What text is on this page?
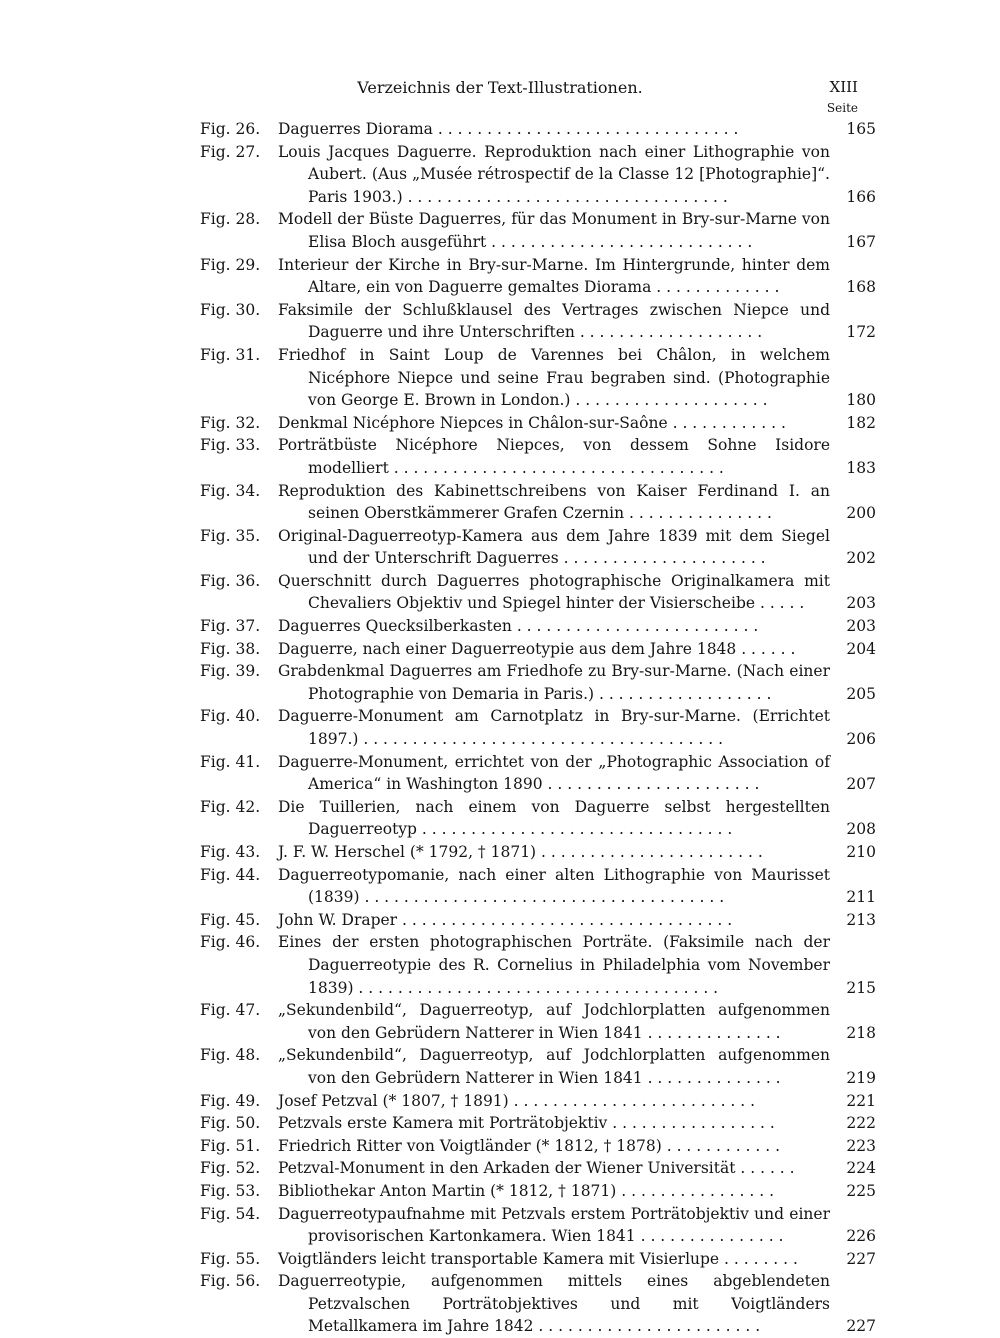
Verzeichnis der Text-Illustrationen.	XIII
Seite
Fig. 26.	Daguerres Diorama . . . . . . . . . . . . . . . . . . . . . . . . . . . . . . .	165
Fig. 27.	Louis Jacques Daguerre. Reproduktion nach einer Lithographie von Aubert. (Aus „Musée rétrospectif de la Classe 12 [Photographie]“. Paris 1903.) . . . . . . . . . . . . . . . . . . . . . . . . . . . . . . . . .	166
Fig. 28.	Modell der Büste Daguerres, für das Monument in Bry-sur-Marne von Elisa Bloch ausgeführt . . . . . . . . . . . . . . . . . . . . . . . . . . .	167
Fig. 29.	Interieur der Kirche in Bry-sur-Marne. Im Hintergrunde, hinter dem Altare, ein von Daguerre gemaltes Diorama . . . . . . . . . . . . .	168
Fig. 30.	Faksimile der Schlußklausel des Vertrages zwischen Niepce und Daguerre und ihre Unterschriften . . . . . . . . . . . . . . . . . . .	172
Fig. 31.	Friedhof in Saint Loup de Varennes bei Châlon, in welchem Nicéphore Niepce und seine Frau begraben sind. (Photographie von George E. Brown in London.) . . . . . . . . . . . . . . . . . . . .	180
Fig. 32.	Denkmal Nicéphore Niepces in Châlon-sur-Saône . . . . . . . . . . . .	182
Fig. 33.	Porträtbüste Nicéphore Niepces, von dessem Sohne Isidore modelliert . . . . . . . . . . . . . . . . . . . . . . . . . . . . . . . . . .	183
Fig. 34.	Reproduktion des Kabinettschreibens von Kaiser Ferdinand I. an seinen Oberstkämmerer Grafen Czernin . . . . . . . . . . . . . . .	200
Fig. 35.	Original-Daguerreotyp-Kamera aus dem Jahre 1839 mit dem Siegel und der Unterschrift Daguerres . . . . . . . . . . . . . . . . . . . . .	202
Fig. 36.	Querschnitt durch Daguerres photographische Originalkamera mit Chevaliers Objektiv und Spiegel hinter der Visierscheibe . . . . .	203
Fig. 37.	Daguerres Quecksilberkasten . . . . . . . . . . . . . . . . . . . . . . . . .	203
Fig. 38.	Daguerre, nach einer Daguerreotypie aus dem Jahre 1848 . . . . . .	204
Fig. 39.	Grabdenkmal Daguerres am Friedhofe zu Bry-sur-Marne. (Nach einer Photographie von Demaria in Paris.) . . . . . . . . . . . . . . . . . .	205
Fig. 40.	Daguerre-Monument am Carnotplatz in Bry-sur-Marne. (Errichtet 1897.) . . . . . . . . . . . . . . . . . . . . . . . . . . . . . . . . . . . . .	206
Fig. 41.	Daguerre-Monument, errichtet von der „Photographic Association of America“ in Washington 1890 . . . . . . . . . . . . . . . . . . . . . .	207
Fig. 42.	Die Tuillerien, nach einem von Daguerre selbst hergestellten Daguerreotyp . . . . . . . . . . . . . . . . . . . . . . . . . . . . . . . .	208
Fig. 43.	J. F. W. Herschel (* 1792, † 1871) . . . . . . . . . . . . . . . . . . . . . . .	210
Fig. 44.	Daguerreotypomanie, nach einer alten Lithographie von Maurisset (1839) . . . . . . . . . . . . . . . . . . . . . . . . . . . . . . . . . . . . .	211
Fig. 45.	John W. Draper . . . . . . . . . . . . . . . . . . . . . . . . . . . . . . . . . .	213
Fig. 46.	Eines der ersten photographischen Porträte. (Faksimile nach der Daguerreotypie des R. Cornelius in Philadelphia vom November 1839) . . . . . . . . . . . . . . . . . . . . . . . . . . . . . . . . . . . . .	215
Fig. 47.	„Sekundenbild“, Daguerreotyp, auf Jodchlorplatten aufgenommen von den Gebrüdern Natterer in Wien 1841 . . . . . . . . . . . . . .	218
Fig. 48.	„Sekundenbild“, Daguerreotyp, auf Jodchlorplatten aufgenommen von den Gebrüdern Natterer in Wien 1841 . . . . . . . . . . . . . .	219
Fig. 49.	Josef Petzval (* 1807, † 1891) . . . . . . . . . . . . . . . . . . . . . . . . .	221
Fig. 50.	Petzvals erste Kamera mit Porträtobjektiv . . . . . . . . . . . . . . . . .	222
Fig. 51.	Friedrich Ritter von Voigtländer (* 1812, † 1878) . . . . . . . . . . . .	223
Fig. 52.	Petzval-Monument in den Arkaden der Wiener Universität . . . . . .	224
Fig. 53.	Bibliothekar Anton Martin (* 1812, † 1871) . . . . . . . . . . . . . . . .	225
Fig. 54.	Daguerreotypaufnahme mit Petzvals erstem Porträtobjektiv und einer provisorischen Kartonkamera. Wien 1841 . . . . . . . . . . . . . . .	226
Fig. 55.	Voigtländers leicht transportable Kamera mit Visierlupe . . . . . . . .	227
Fig. 56.	Daguerreotypie, aufgenommen mittels eines abgeblendeten Petzvalschen Porträtobjektives und mit Voigtländers Metallkamera im Jahre 1842 . . . . . . . . . . . . . . . . . . . . . . .	227
